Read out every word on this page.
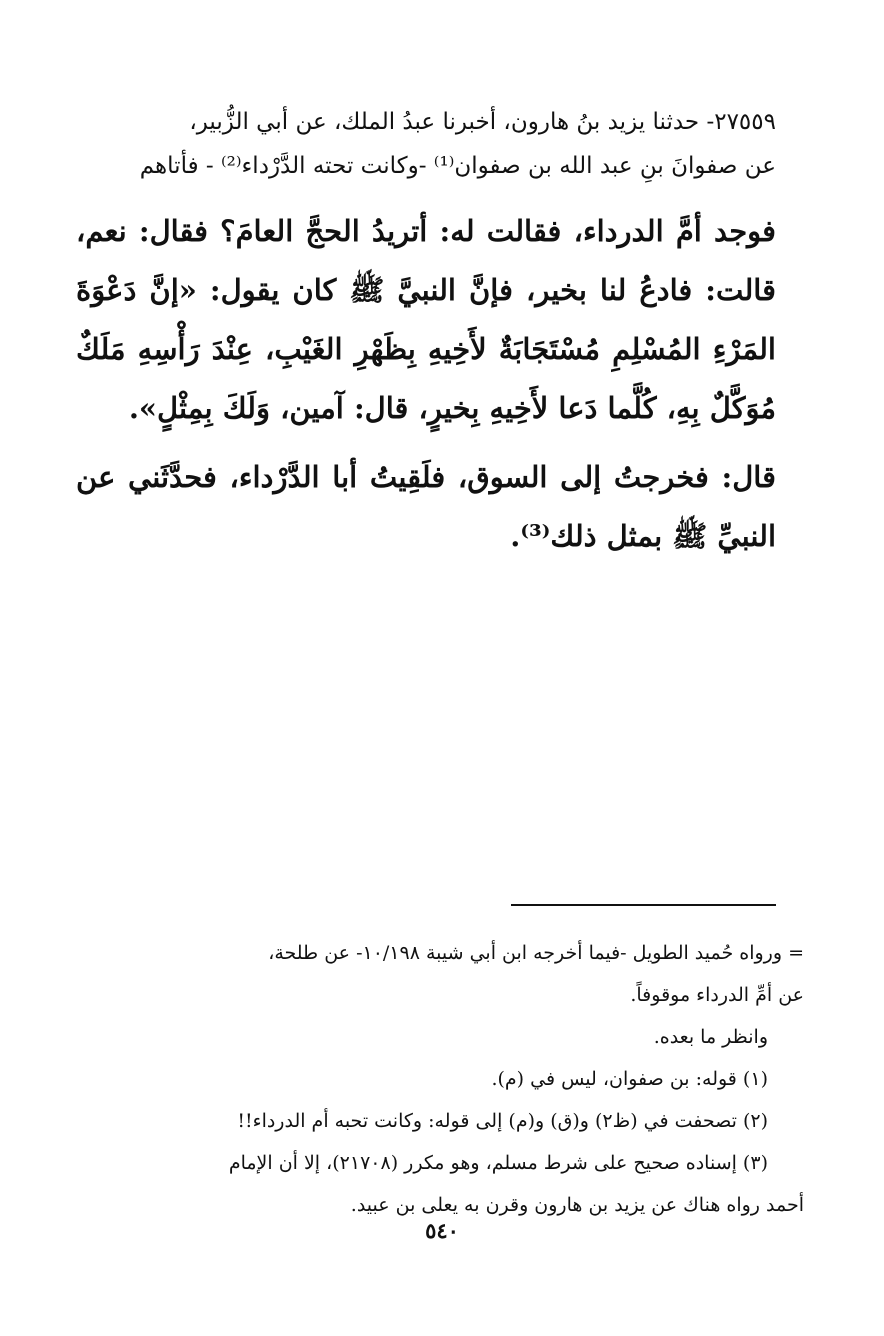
٢٧٥٥٩- حدثنا يزيد بنُ هارون، أخبرنا عبدُ الملك، عن أبي الزُّبير،
عن صفوانَ بنِ عبد الله بن صفوان⁽¹⁾ -وكانت تحته الدَّرْداء⁽²⁾ - فأتاهم

فوجد أمَّ الدرداء، فقالت له: أتريدُ الحجَّ العامَ؟ فقال: نعم، قالت: فادعُ لنا بخير، فإنَّ النبيَّ ﷺ كان يقول: «إنَّ دَعْوَةَ المَرْءِ المُسْلِمِ مُسْتَجَابَةٌ لأَخِيهِ بِظَهْرِ الغَيْبِ، عِنْدَ رَأْسِهِ مَلَكٌ مُوَكَّلٌ بِهِ، كُلَّما دَعا لأَخِيهِ بِخيرٍ، قال: آمين، وَلَكَ بِمِثْلٍ».

قال: فخرجتُ إلى السوق، فلَقِيتُ أبا الدَّرْداء، فحدَّثَني عن النبيِّ ﷺ بمثل ذلك⁽³⁾.

= ورواه حُميد الطويل -فيما أخرجه ابن أبي شيبة ١٠/١٩٨- عن طلحة،

عن أمِّ الدرداء موقوفاً.

وانظر ما بعده.

(١) قوله: بن صفوان، ليس في (م).

(٢) تصحفت في (ظ٢) و(ق) و(م) إلى قوله: وكانت تحبه أم الدرداء!!

(٣) إسناده صحيح على شرط مسلم، وهو مكرر (٢١٧٠٨)، إلا أن الإمام

أحمد رواه هناك عن يزيد بن هارون وقرن به يعلى بن عبيد.

٥٤٠
